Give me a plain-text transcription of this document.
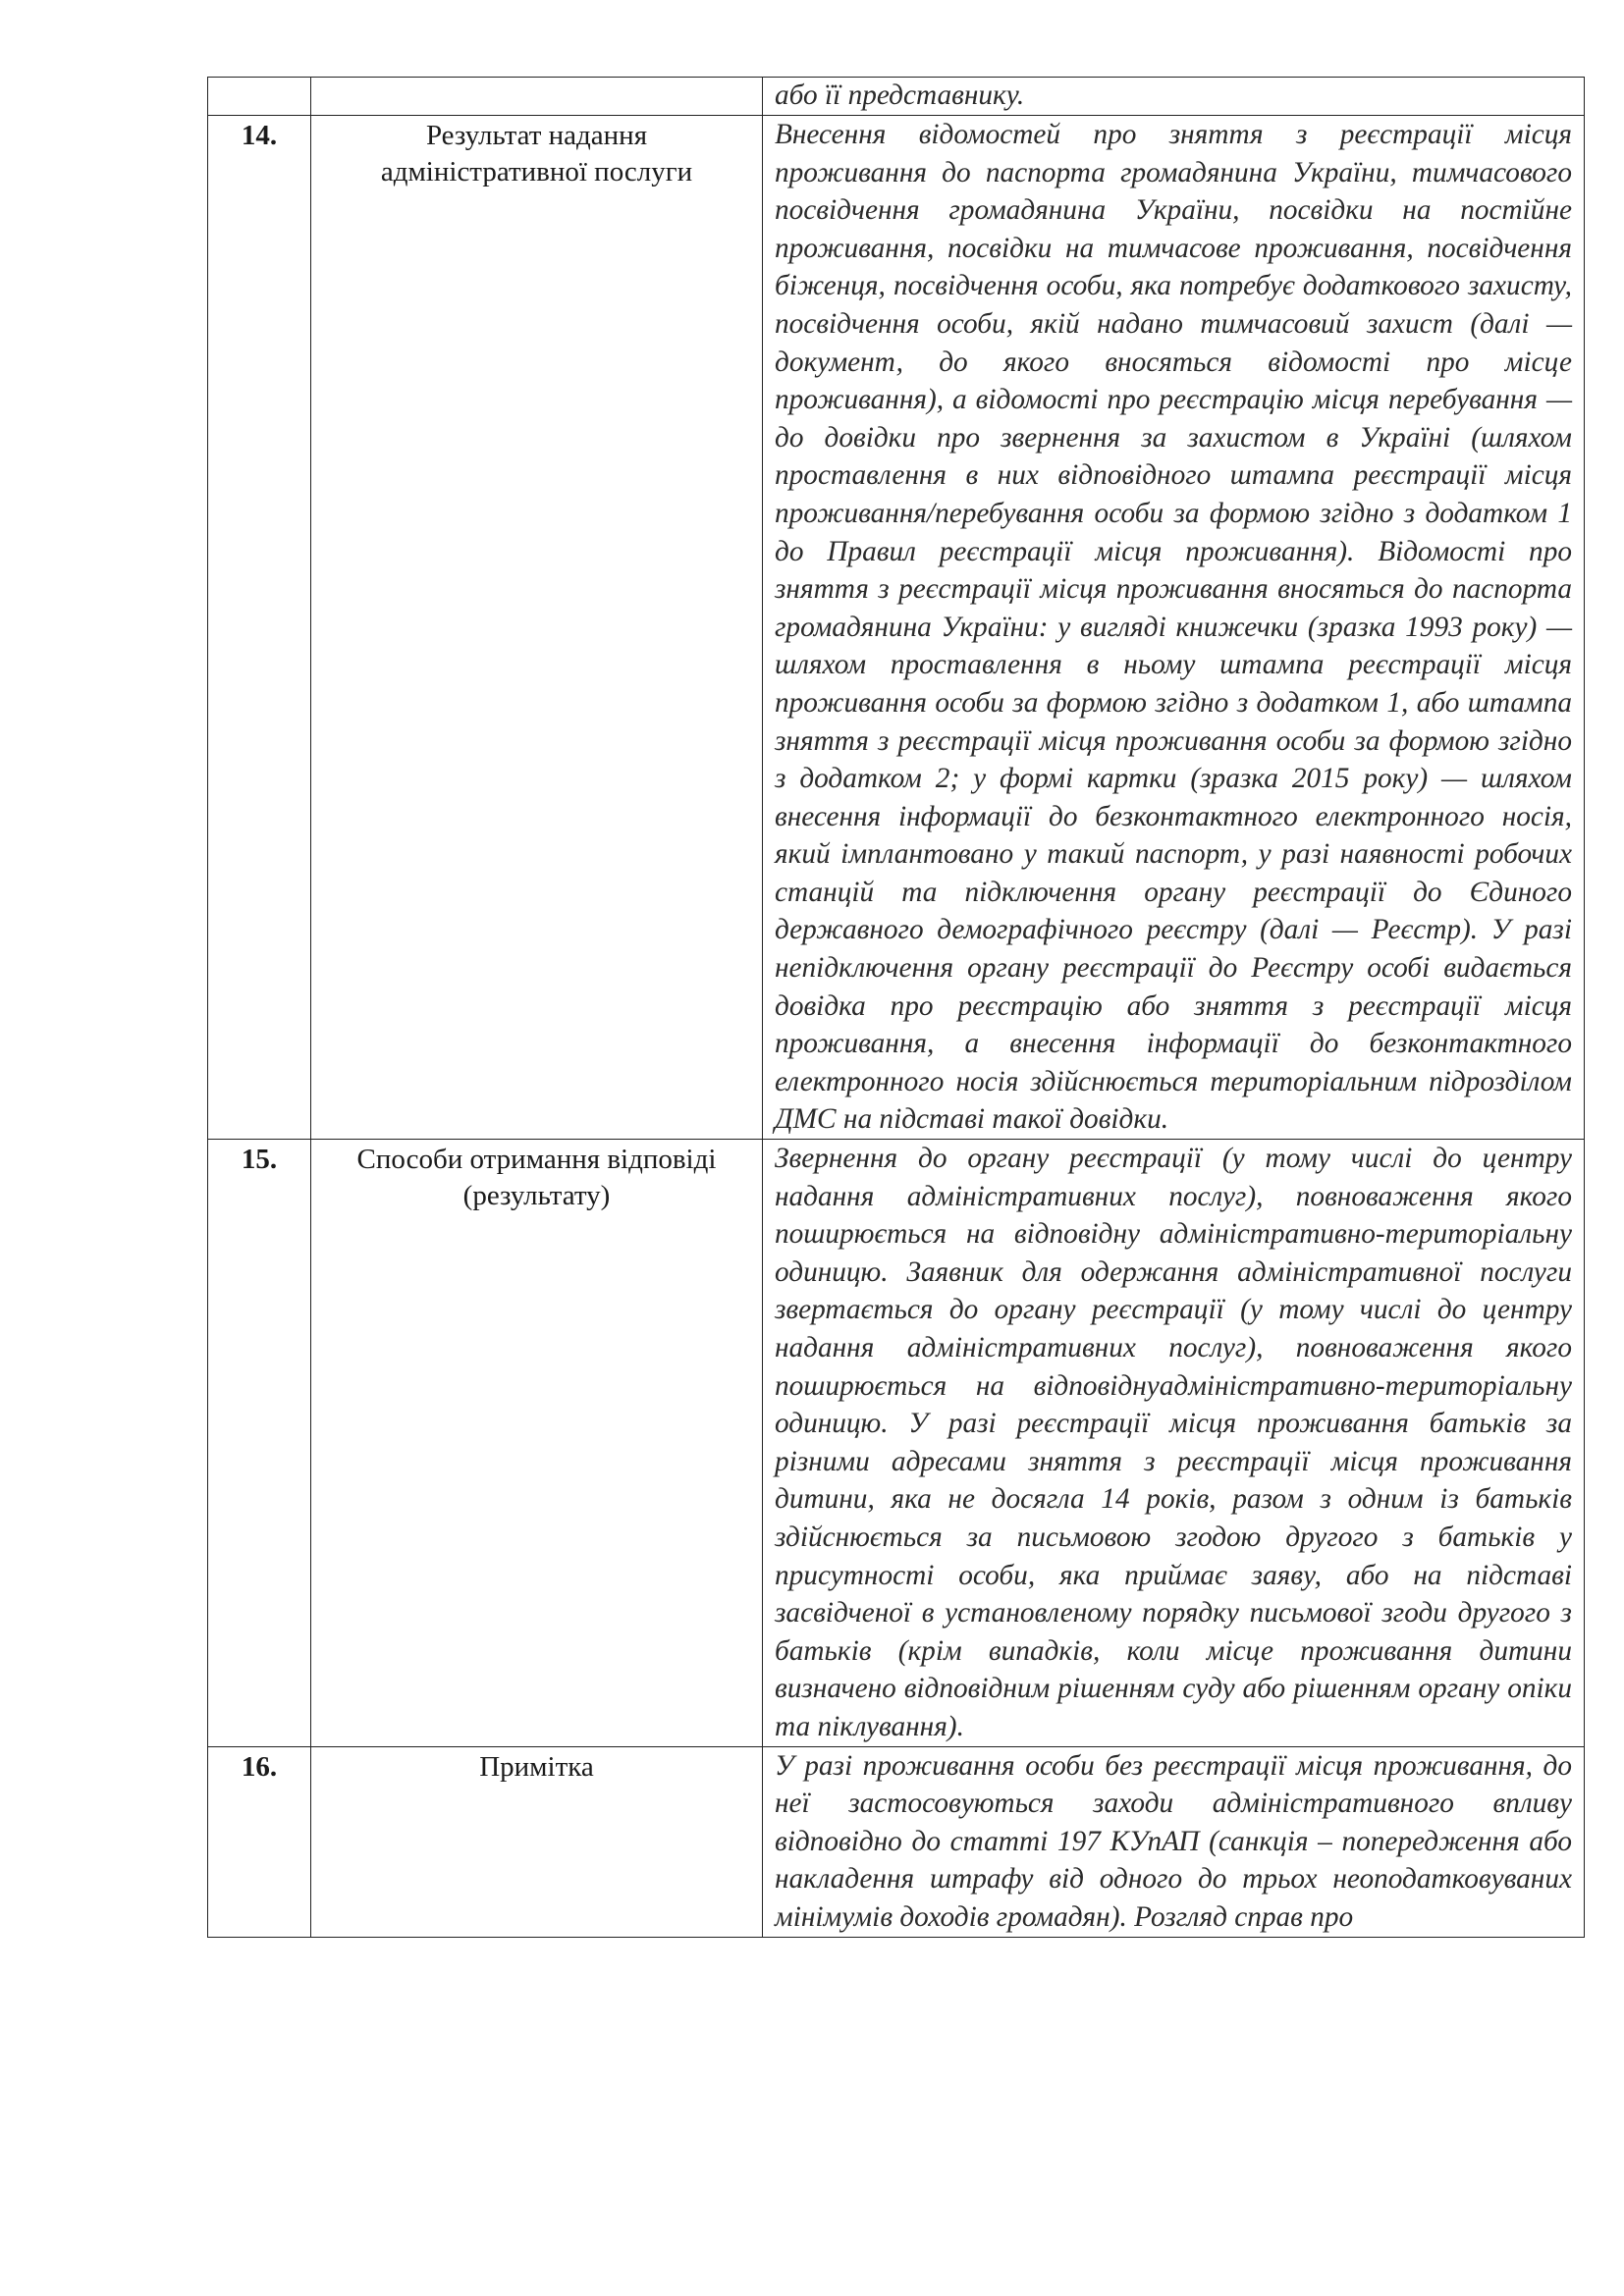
		або її представнику.
14.	Результат надання адміністративної послуги	Внесення відомостей про зняття з реєстрації місця проживання до паспорта громадянина України, тимчасового посвідчення громадянина України, посвідки на постійне проживання, посвідки на тимчасове проживання, посвідчення біженця, посвідчення особи, яка потребує додаткового захисту, посвідчення особи, якій надано тимчасовий захист (далі — документ, до якого вносяться відомості про місце проживання), а відомості про реєстрацію місця перебування — до довідки про звернення за захистом в Україні (шляхом проставлення в них відповідного штампа реєстрації місця проживання/перебування особи за формою згідно з додатком 1 до Правил реєстрації місця проживання). Відомості про зняття з реєстрації місця проживання вносяться до паспорта громадянина України: у вигляді книжечки (зразка 1993 року) — шляхом проставлення в ньому штампа реєстрації місця проживання особи за формою згідно з додатком 1, або штампа зняття з реєстрації місця проживання особи за формою згідно з додатком 2; у формі картки (зразка 2015 року) — шляхом внесення інформації до безконтактного електронного носія, який імплантовано у такий паспорт, у разі наявності робочих станцій та підключення органу реєстрації до Єдиного державного демографічного реєстру (далі — Реєстр). У разі непідключення органу реєстрації до Реєстру особі видається довідка про реєстрацію або зняття з реєстрації місця проживання, а внесення інформації до безконтактного електронного носія здійснюється територіальним підрозділом ДМС на підставі такої довідки.
15.	Способи отримання відповіді (результату)	Звернення до органу реєстрації (у тому числі до центру надання адміністративних послуг), повноваження якого поширюється на відповідну адміністративно-територіальну одиницю. Заявник для одержання адміністративної послуги звертається до органу реєстрації (у тому числі до центру надання адміністративних послуг), повноваження якого поширюється на відповіднуадміністративно-територіальну одиницю. У разі реєстрації місця проживання батьків за різними адресами зняття з реєстрації місця проживання дитини, яка не досягла 14 років, разом з одним із батьків здійснюється за письмовою згодою другого з батьків у присутності особи, яка приймає заяву, або на підставі засвідченої в установленому порядку письмової згоди другого з батьків (крім випадків, коли місце проживання дитини визначено відповідним рішенням суду або рішенням органу опіки та піклування).
16.	Примітка	У разі проживання особи без реєстрації місця проживання, до неї застосовуються заходи адміністративного впливу відповідно до статті 197 КУпАП (санкція – попередження або накладення штрафу від одного до трьох неоподатковуваних мінімумів доходів громадян). Розгляд справ про
